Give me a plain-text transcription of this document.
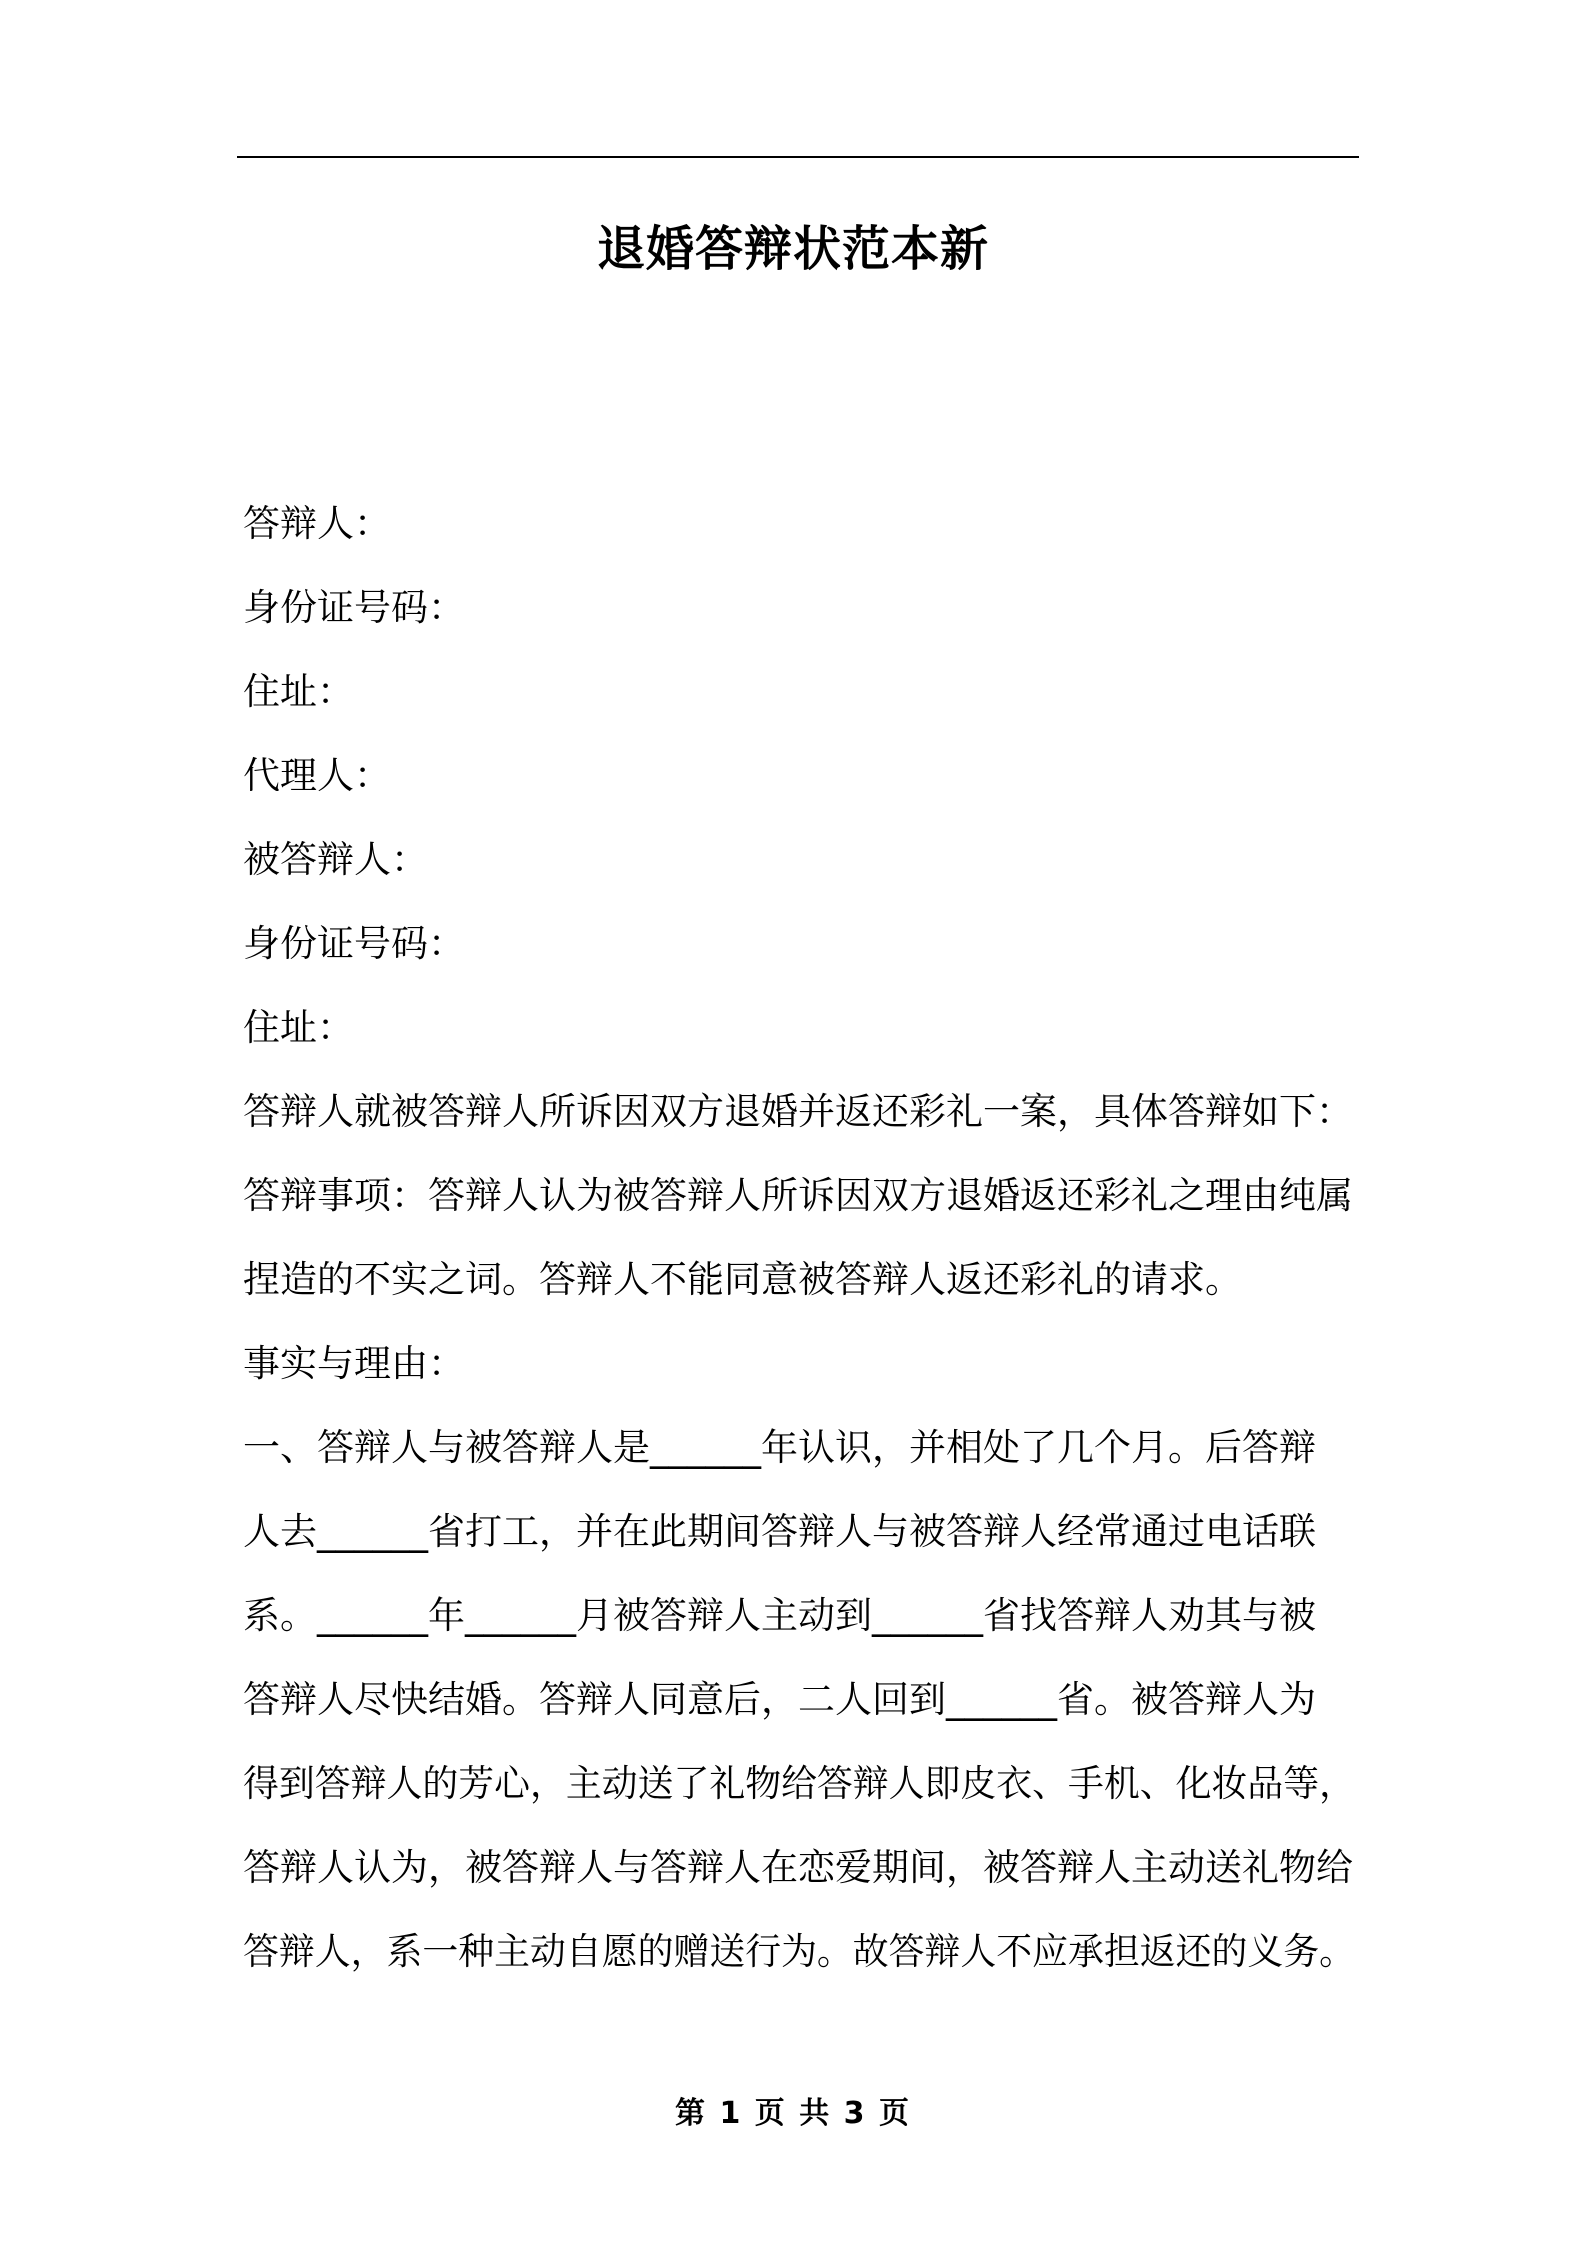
退婚答辩状范本新
答辩人：
身份证号码：
住址：
代理人：
被答辩人：
身份证号码：
住址：
答辩人就被答辩人所诉因双方退婚并返还彩礼一案，具体答辩如下：
答辩事项：答辩人认为被答辩人所诉因双方退婚返还彩礼之理由纯属
捏造的不实之词。答辩人不能同意被答辩人返还彩礼的请求。
事实与理由：
一、答辩人与被答辩人是______年认识，并相处了几个月。后答辩
人去______省打工，并在此期间答辩人与被答辩人经常通过电话联
系。______年______月被答辩人主动到______省找答辩人劝其与被
答辩人尽快结婚。答辩人同意后，二人回到______省。被答辩人为
得到答辩人的芳心，主动送了礼物给答辩人即皮衣、手机、化妆品等，
答辩人认为，被答辩人与答辩人在恋爱期间，被答辩人主动送礼物给
答辩人，系一种主动自愿的赠送行为。故答辩人不应承担返还的义务。
第 1 页 共 3 页
